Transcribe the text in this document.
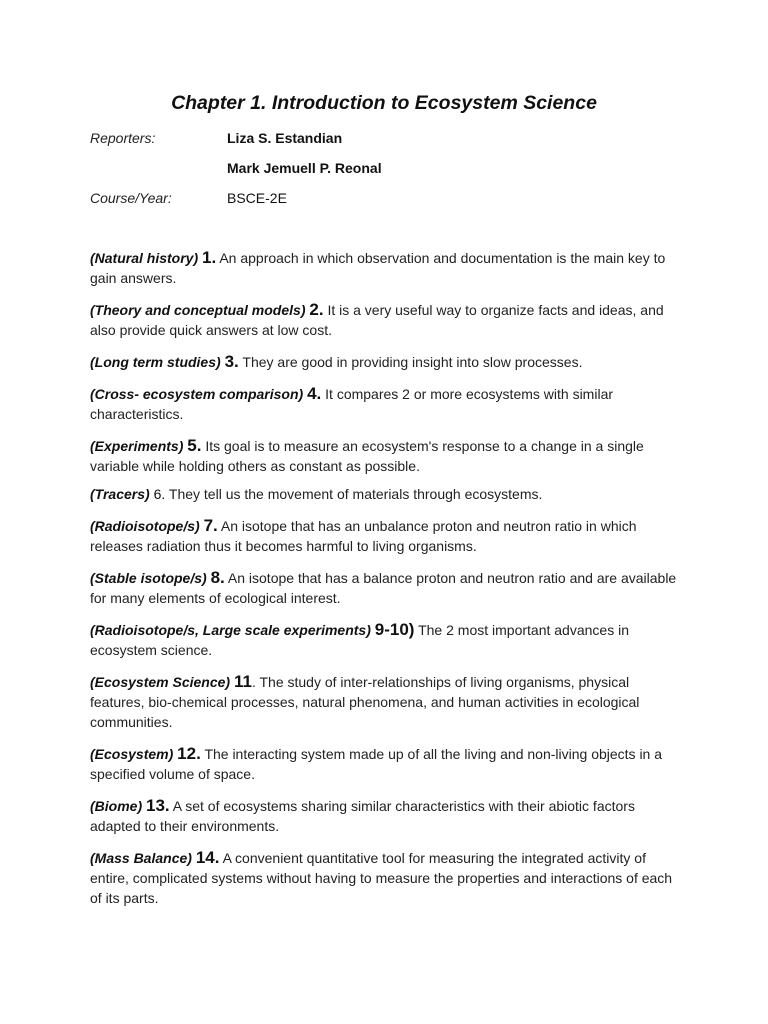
Chapter 1. Introduction to Ecosystem Science
Reporters:	Liza S. Estandian
Mark Jemuell P. Reonal
Course/Year:	BSCE-2E
(Natural history) 1. An approach in which observation and documentation is the main key to gain answers.
(Theory and conceptual models) 2. It is a very useful way to organize facts and ideas, and also provide quick answers at low cost.
(Long term studies) 3. They are good in providing insight into slow processes.
(Cross- ecosystem comparison) 4. It compares 2 or more ecosystems with similar characteristics.
(Experiments) 5. Its goal is to measure an ecosystem's response to a change in a single variable while holding others as constant as possible.
(Tracers) 6. They tell us the movement of materials through ecosystems.
(Radioisotope/s) 7. An isotope that has an unbalance proton and neutron ratio in which releases radiation thus it becomes harmful to living organisms.
(Stable isotope/s) 8. An isotope that has a balance proton and neutron ratio and are available for many elements of ecological interest.
(Radioisotope/s, Large scale experiments) 9-10) The 2 most important advances in ecosystem science.
(Ecosystem Science) 11. The study of inter-relationships of living organisms, physical features, bio-chemical processes, natural phenomena, and human activities in ecological communities.
(Ecosystem) 12. The interacting system made up of all the living and non-living objects in a specified volume of space.
(Biome) 13. A set of ecosystems sharing similar characteristics with their abiotic factors adapted to their environments.
(Mass Balance) 14. A convenient quantitative tool for measuring the integrated activity of entire, complicated systems without having to measure the properties and interactions of each of its parts.
